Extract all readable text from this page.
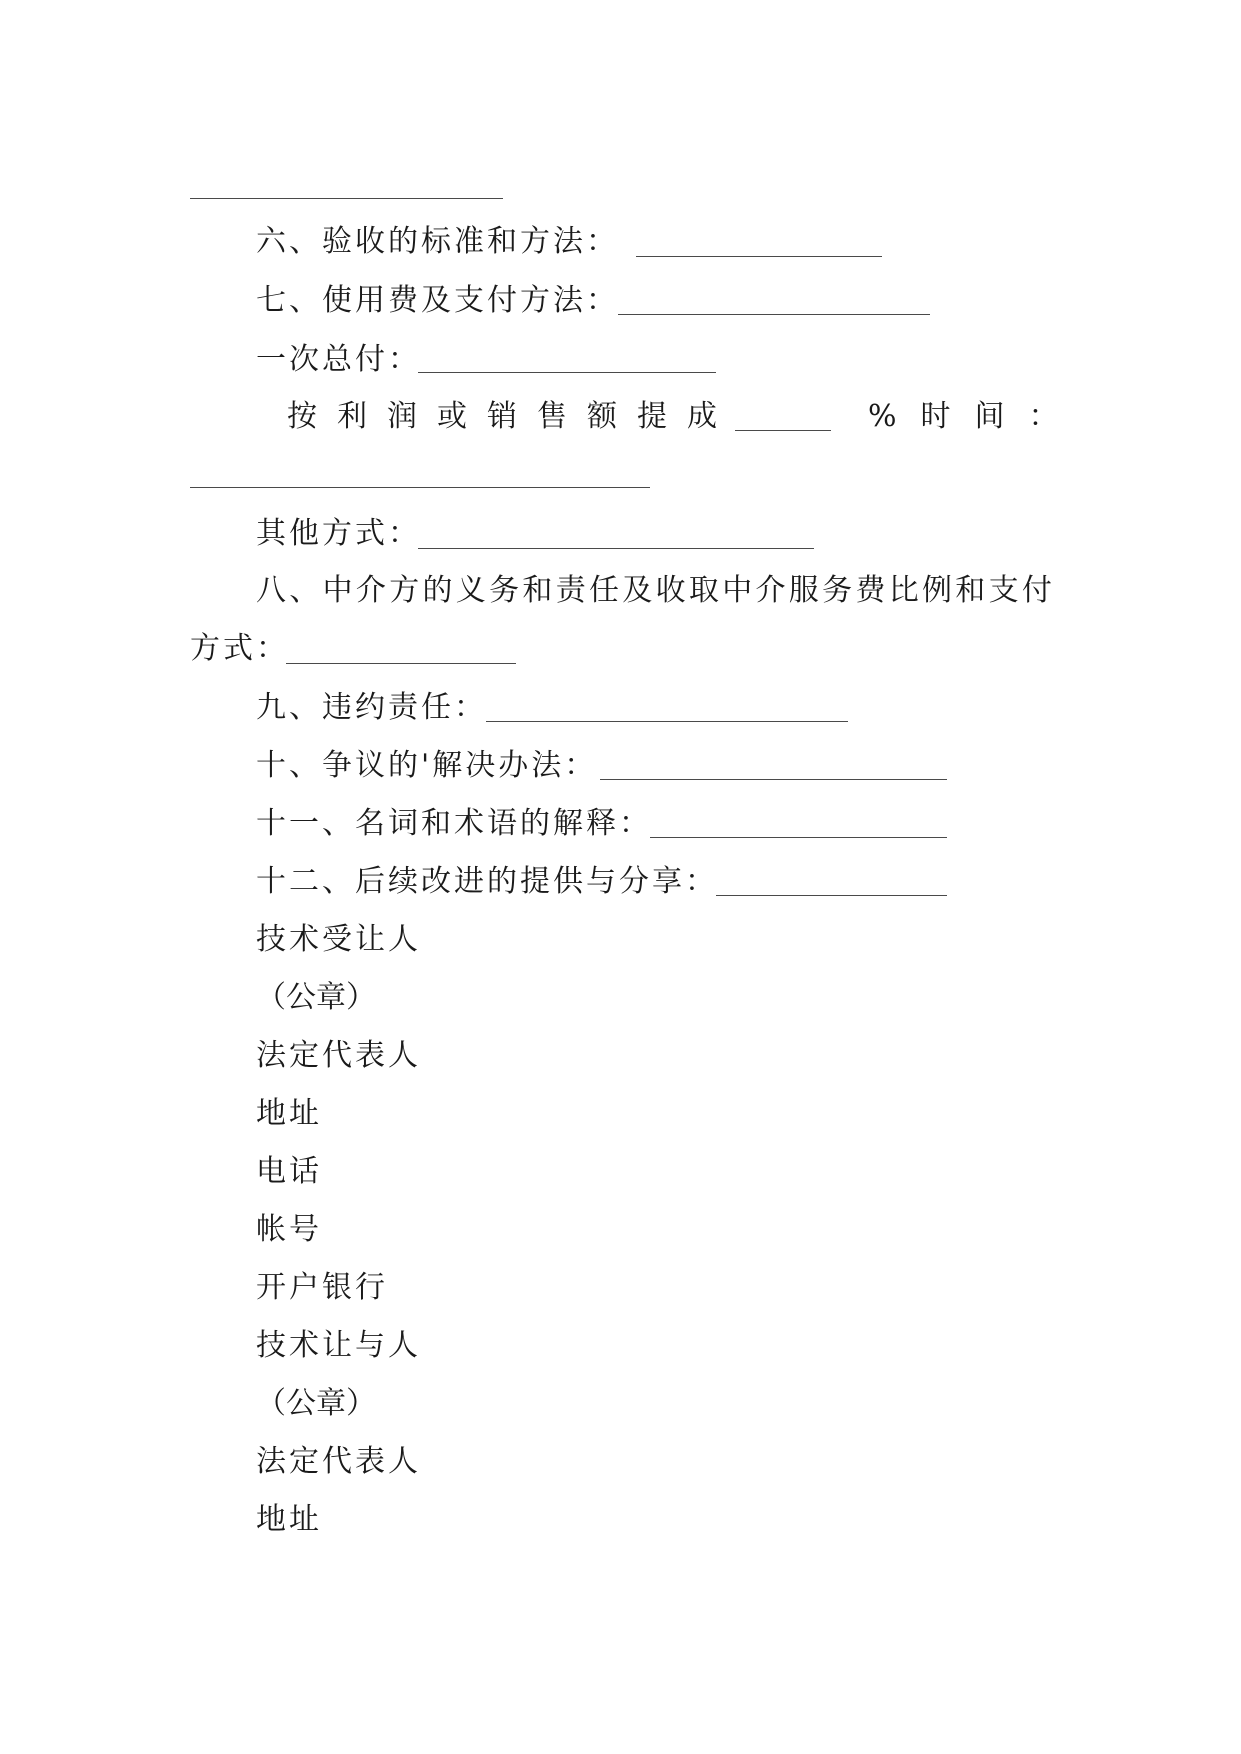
六、验收的标准和方法：
七、使用费及支付方法：
一次总付：
按利润或销售额提成	%时间：
其他方式：
八、中介方的义务和责任及收取中介服务费比例和支付
方式：
九、违约责任：
十、争议的'解决办法：
十一、名词和术语的解释：
十二、后续改进的提供与分享：
技术受让人
（公章）
法定代表人
地址
电话
帐号
开户银行
技术让与人
（公章）
法定代表人
地址
